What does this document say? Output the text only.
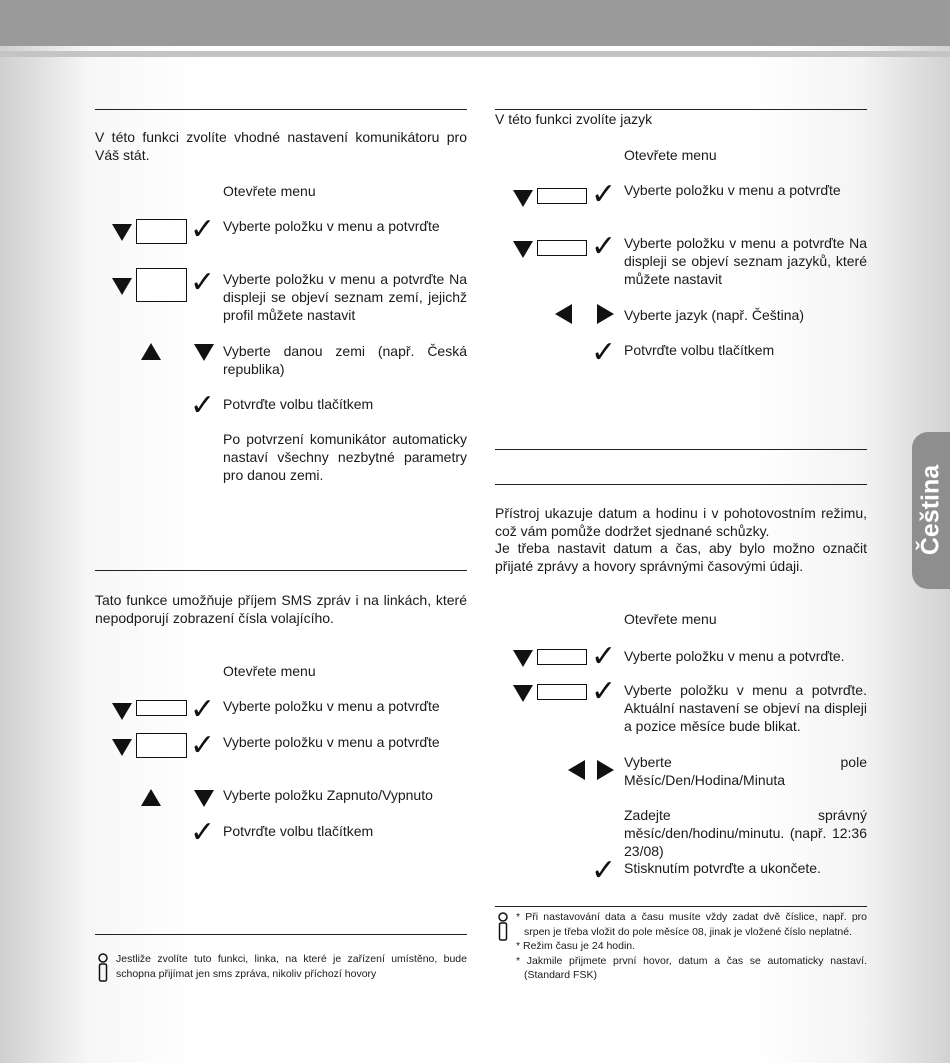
V této funkci zvolíte vhodné nastavení komunikátoru pro Váš stát.

Otevřete menu

✓ Vyberte položku v menu a potvrďte

✓ Vyberte položku v menu a potvrďte Na displeji se objeví seznam zemí, jejichž profil můžete nastavit

Vyberte danou zemi (např. Česká republika)

✓ Potvrďte volbu tlačítkem

Po potvrzení komunikátor automaticky nastaví všechny nezbytné parametry pro danou zemi.

Tato funkce umožňuje příjem SMS zpráv i na linkách, které nepodporují zobrazení čísla volajícího.

Otevřete menu

✓ Vyberte položku v menu a potvrďte

✓ Vyberte položku v menu a potvrďte

Vyberte položku Zapnuto/Vypnuto

✓ Potvrďte volbu tlačítkem

Jestliže zvolíte tuto funkci, linka, na které je zařízení umístěno, bude schopna přijímat jen sms zpráva, nikoliv příchozí hovory

V této funkci zvolíte jazyk

Otevřete menu

✓ Vyberte položku v menu a potvrďte

✓ Vyberte položku v menu a potvrďte Na displeji se objeví seznam jazyků, které můžete nastavit

Vyberte jazyk (např. Čeština)

✓ Potvrďte volbu tlačítkem

Přístroj ukazuje datum a hodinu i v pohotovostním režimu, což vám pomůže dodržet sjednané schůzky.

Je třeba nastavit datum a čas, aby bylo možno označit přijaté zprávy a hovory správnými časovými údaji.

Otevřete menu

✓ Vyberte položku v menu a potvrďte.

✓ Vyberte položku v menu a potvrďte. Aktuální nastavení se objeví na displeji a pozice měsíce bude blikat.

Vyberte pole Měsíc/Den/Hodina/Minuta

Zadejte správný měsíc/den/hodinu/minutu. (např. 12:36 23/08)

✓ Stisknutím potvrďte a ukončete.

* Při nastavování data a času musíte vždy zadat dvě číslice, např. pro srpen je třeba vložit do pole měsíce 08, jinak je vložené číslo neplatné.

* Režim času je 24 hodin.

* Jakmile přijmete první hovor, datum a čas se automaticky nastaví. (Standard FSK)

Čeština
